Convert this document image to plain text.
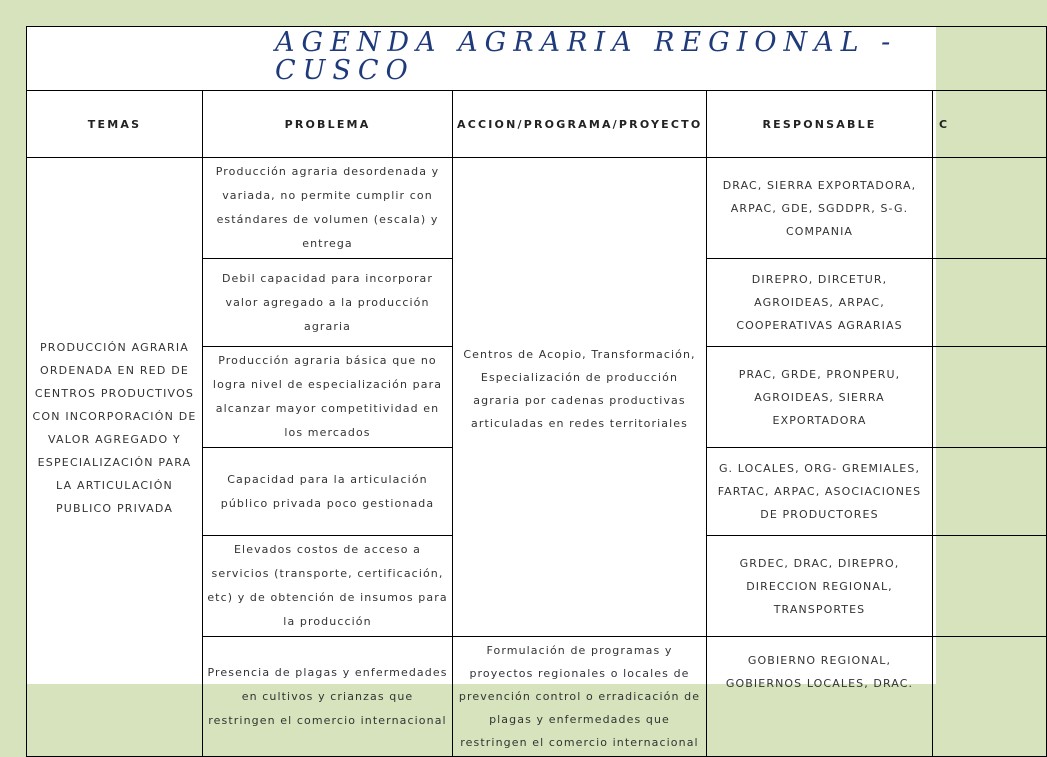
AGENDA AGRARIA REGIONAL - CUSCO				
TEMAS	PROBLEMA	ACCION/PROGRAMA/PROYECTO	RESPONSABLE	C
PRODUCCIÓN AGRARIA ORDENADA EN RED DE CENTROS PRODUCTIVOS CON INCORPORACIÓN DE VALOR AGREGADO Y ESPECIALIZACIÓN PARA LA ARTICULACIÓN PUBLICO PRIVADA	Producción agraria desordenada y variada, no permite cumplir con estándares de volumen (escala) y entrega	Centros de Acopio, Transformación, Especialización de producción agraria por cadenas productivas articuladas en redes territoriales	DRAC, SIERRA EXPORTADORA, ARPAC, GDE, SGDDPR, S-G. COMPANIA	
	Debil capacidad para incorporar valor agregado a la producción agraria		DIREPRO, DIRCETUR, AGROIDEAS, ARPAC, COOPERATIVAS AGRARIAS	
	Producción agraria básica que no logra nivel de especialización para alcanzar mayor competitividad en los mercados		PRAC, GRDE, PRONPERU, AGROIDEAS, SIERRA EXPORTADORA	
	Capacidad para la articulación público privada poco gestionada		G. LOCALES, ORG- GREMIALES, FARTAC, ARPAC, ASOCIACIONES DE PRODUCTORES	
	Elevados costos de acceso a servicios (transporte, certificación, etc) y de obtención de insumos para la producción		GRDEC, DRAC, DIREPRO, DIRECCION REGIONAL, TRANSPORTES	
	Presencia de plagas y enfermedades en cultivos y crianzas que restringen el comercio internacional	Formulación de programas y proyectos regionales o locales de prevención control o erradicación de plagas y enfermedades que restringen el comercio internacional	GOBIERNO REGIONAL, GOBIERNOS LOCALES, DRAC.	
